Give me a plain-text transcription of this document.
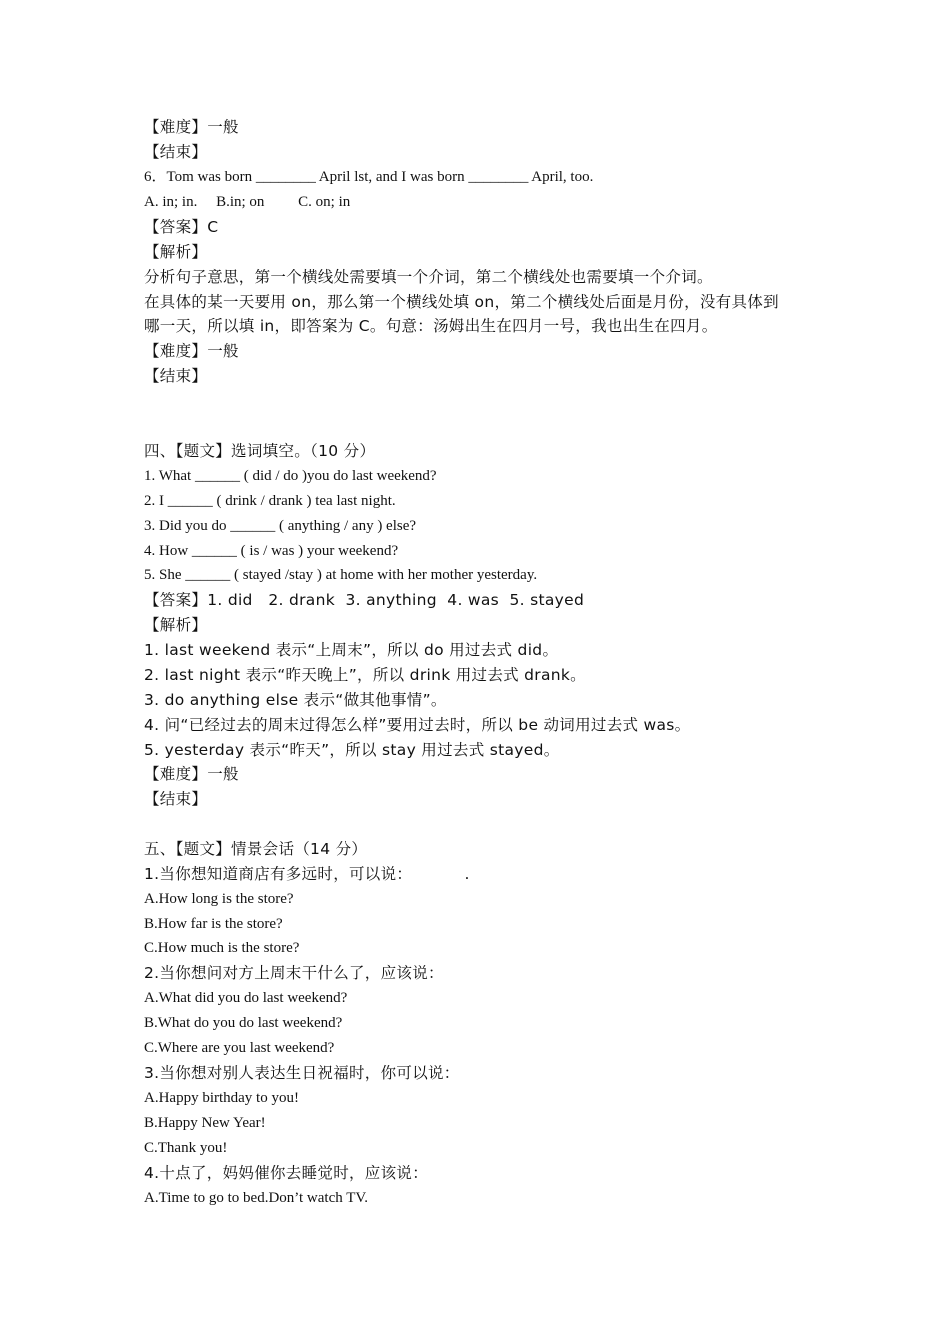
【难度】一般
【结束】
6．Tom was born ________ April lst, and I was born ________ April, too.
A. in; in.     B.in; on         C. on; in
【答案】C
【解析】
分析句子意思，第一个横线处需要填一个介词，第二个横线处也需要填一个介词。
在具体的某一天要用 on，那么第一个横线处填 on，第二个横线处后面是月份，没有具体到
哪一天，所以填 in，即答案为 C。句意：汤姆出生在四月一号，我也出生在四月。
【难度】一般
【结束】
四、【题文】选词填空。（10 分）
1. What ______ ( did / do )you do last weekend?
2. I ______ ( drink / drank ) tea last night.
3. Did you do ______ ( anything / any ) else?
4. How ______ ( is / was ) your weekend?
5. She ______ ( stayed /stay ) at home with her mother yesterday.
【答案】1. did   2. drank  3. anything  4. was  5. stayed
【解析】
1. last weekend 表示“上周末”，所以 do 用过去式 did。
2. last night 表示“昨天晚上”，所以 drink 用过去式 drank。
3. do anything else 表示“做其他事情”。
4. 问“已经过去的周末过得怎么样”要用过去时，所以 be 动词用过去式 was。
5. yesterday 表示“昨天”，所以 stay 用过去式 stayed。
【难度】一般
【结束】
五、【题文】情景会话（14 分）
1.当你想知道商店有多远时，可以说：          .
A.How long is the store?
B.How far is the store?
C.How much is the store?
2.当你想问对方上周末干什么了，应该说：
A.What did you do last weekend?
B.What do you do last weekend?
C.Where are you last weekend?
3.当你想对别人表达生日祝福时，你可以说：
A.Happy birthday to you!
B.Happy New Year!
C.Thank you!
4.十点了，妈妈催你去睡觉时，应该说：
A.Time to go to bed.Don’t watch TV.
